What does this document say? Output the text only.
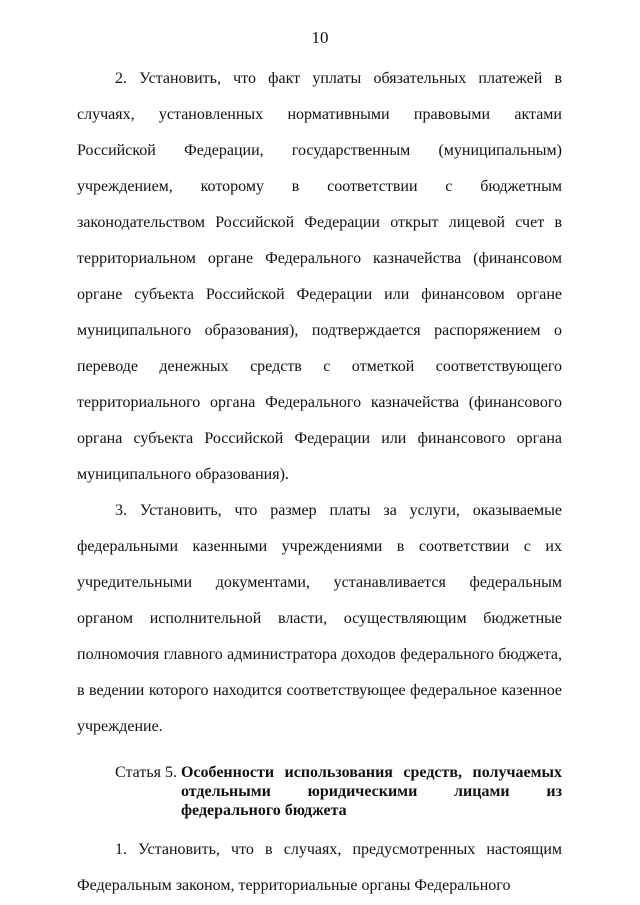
10

2. Установить, что факт уплаты обязательных платежей в случаях, установленных нормативными правовыми актами Российской Федерации, государственным (муниципальным) учреждением, которому в соответствии с бюджетным законодательством Российской Федерации открыт лицевой счет в территориальном органе Федерального казначейства (финансовом органе субъекта Российской Федерации или финансовом органе муниципального образования), подтверждается распоряжением о переводе денежных средств с отметкой соответствующего территориального органа Федерального казначейства (финансового органа субъекта Российской Федерации или финансового органа муниципального образования).

3. Установить, что размер платы за услуги, оказываемые федеральными казенными учреждениями в соответствии с их учредительными документами, устанавливается федеральным органом исполнительной власти, осуществляющим бюджетные полномочия главного администратора доходов федерального бюджета, в ведении которого находится соответствующее федеральное казенное учреждение.

Статья 5. Особенности использования средств, получаемых отдельными юридическими лицами из федерального бюджета

1. Установить, что в случаях, предусмотренных настоящим Федеральным законом, территориальные органы Федерального
